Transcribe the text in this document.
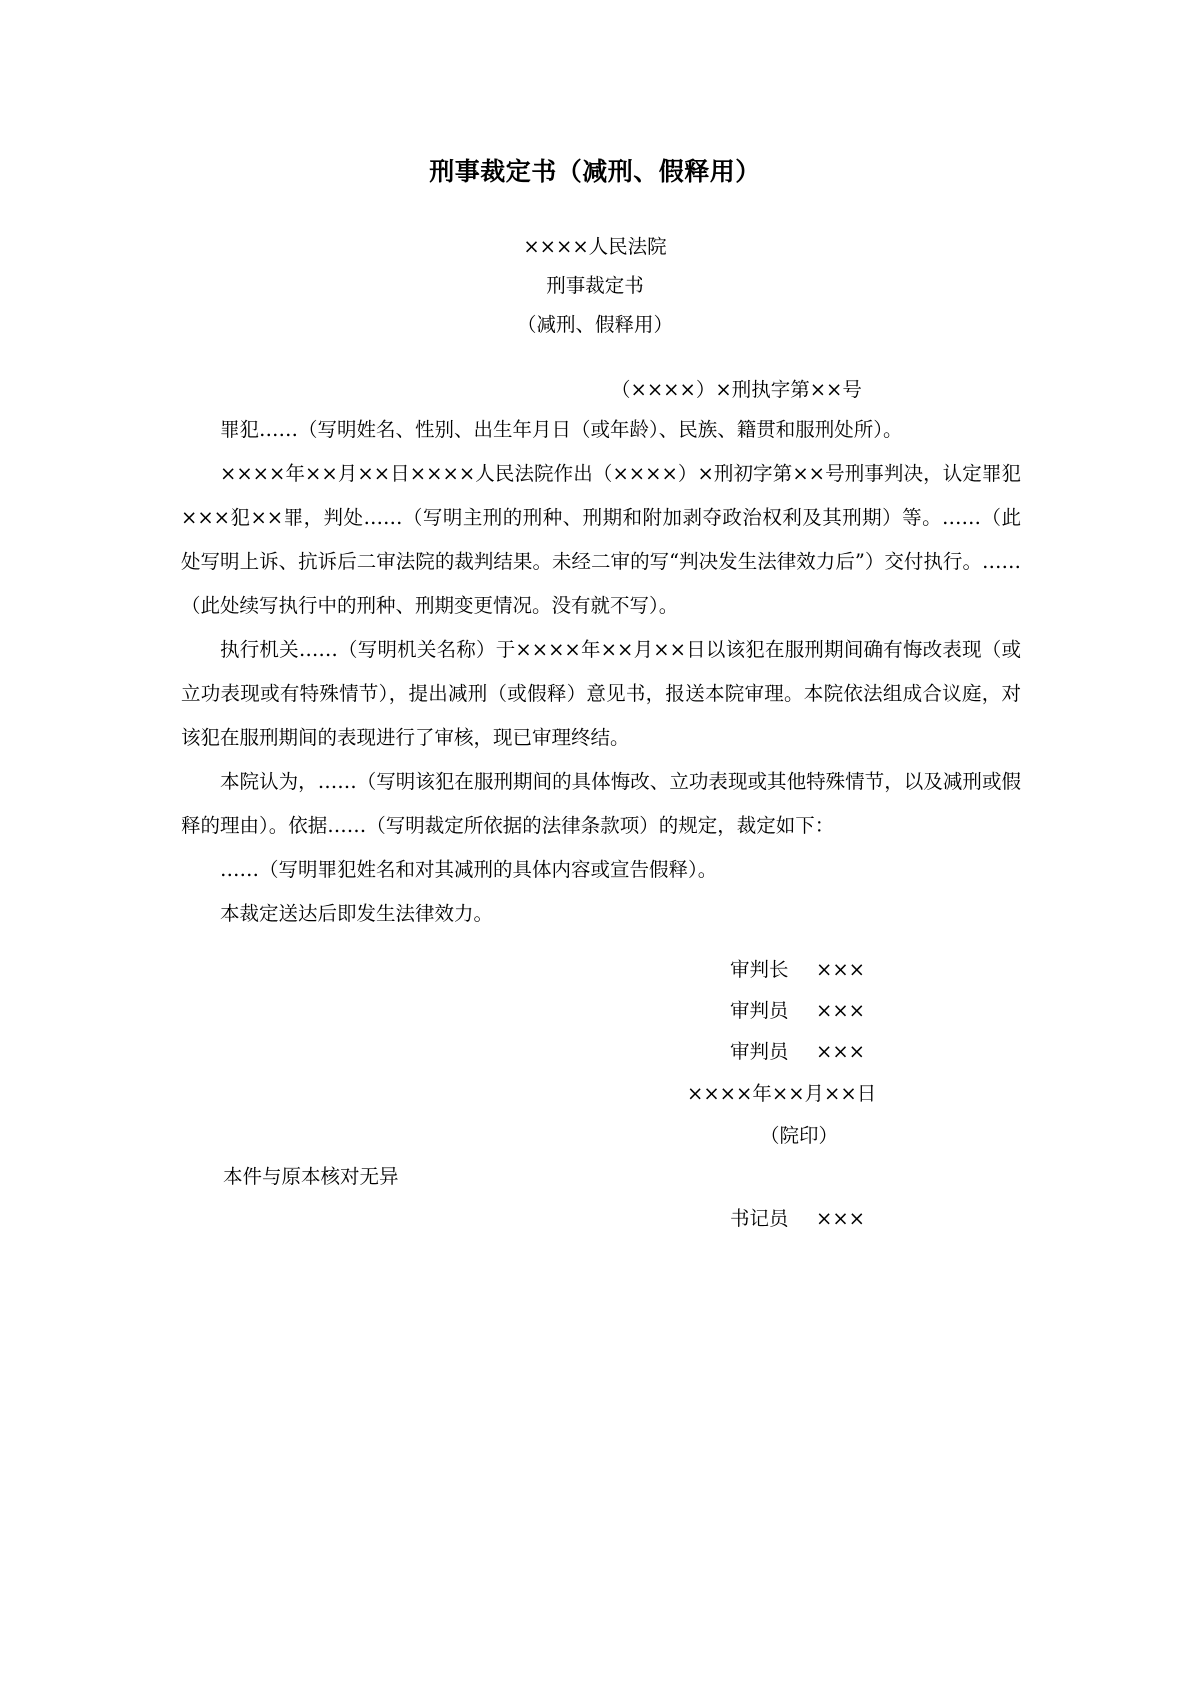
刑事裁定书（减刑、假释用）
××××人民法院
刑事裁定书
（减刑、假释用）
（××××）×刑执字第××号

罪犯……（写明姓名、性别、出生年月日（或年龄）、民族、籍贯和服刑处所）。

××××年××月××日××××人民法院作出（××××）×刑初字第××号刑事判决，认定罪犯×××犯××罪，判处……（写明主刑的刑种、刑期和附加剥夺政治权利及其刑期）等。……（此处写明上诉、抗诉后二审法院的裁判结果。未经二审的写“判决发生法律效力后”）交付执行。……（此处续写执行中的刑种、刑期变更情况。没有就不写）。

执行机关……（写明机关名称）于××××年××月××日以该犯在服刑期间确有悔改表现（或立功表现或有特殊情节），提出减刑（或假释）意见书，报送本院审理。本院依法组成合议庭，对该犯在服刑期间的表现进行了审核，现已审理终结。

本院认为，……（写明该犯在服刑期间的具体悔改、立功表现或其他特殊情节，以及减刑或假释的理由）。依据……（写明裁定所依据的法律条款项）的规定，裁定如下：

……（写明罪犯姓名和对其减刑的具体内容或宣告假释）。

本裁定送达后即发生法律效力。

审判长 ×××
审判员 ×××
审判员 ×××
××××年××月××日
（院印）
本件与原本核对无异
书记员 ×××
